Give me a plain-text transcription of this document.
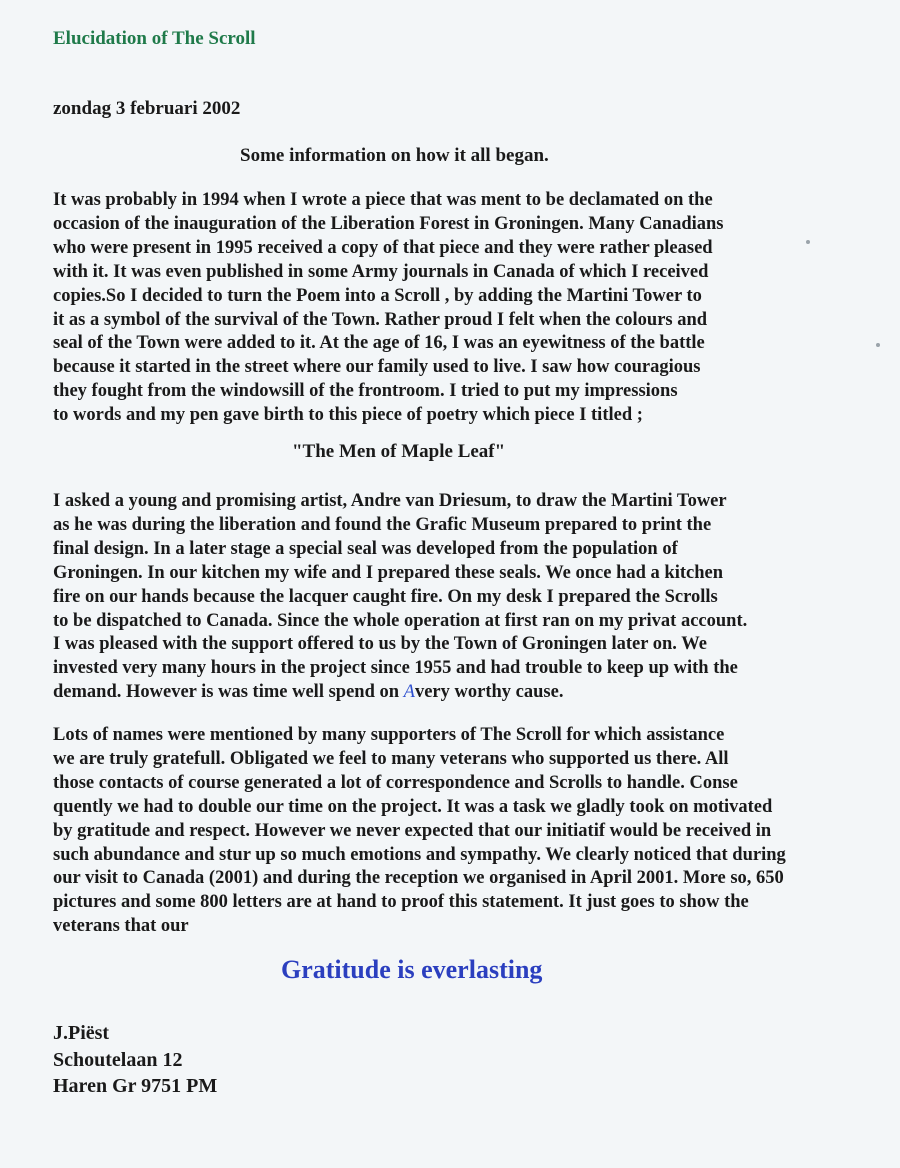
Elucidation of The Scroll
zondag 3 februari 2002
Some information on how it all began.
It was probably in 1994 when I wrote a piece that was ment to be declamated on the
occasion of the inauguration of the Liberation Forest in Groningen. Many Canadians
who were present in 1995 received a copy of that piece and they were rather pleased
with it. It was even published in some Army journals in Canada of which I received
copies.So I decided to turn the Poem into a Scroll , by adding the Martini Tower to
it as a symbol of the survival of the Town. Rather proud I felt when the colours and
seal of the Town were added to it. At the age of 16, I was an eyewitness of the battle
because it started in the street where our family used to live. I saw how couragious
they fought from the windowsill of the frontroom. I tried to put my impressions
to words and my pen gave birth to this piece of poetry which piece I titled ;
"The Men of Maple Leaf"
I asked a young and promising artist, Andre van Driesum, to draw the Martini Tower
as he was during the liberation and found the Grafic Museum prepared to print the
final design. In a later stage a special seal was developed from the population of
Groningen. In our kitchen my wife and I prepared these seals. We once had a kitchen
fire on our hands because the lacquer caught fire. On my desk I prepared the Scrolls
to be dispatched to Canada. Since the whole operation at first ran on my privat account.
I was pleased with the support offered to us by the Town of Groningen later on. We
invested very many hours in the project since 1955 and had trouble to keep up with the
demand. However is was time well spend on Avery worthy cause.
Lots of names were mentioned by many supporters of The Scroll for which assistance
we are truly gratefull. Obligated we feel to many veterans who supported us there. All
those contacts of course generated a lot of correspondence and Scrolls to handle. Conse
quently we had to double our time on the project. It was a task we gladly took on motivated
by gratitude and respect. However we never expected that our initiatif would be received in
such abundance and stur up so much emotions and sympathy. We clearly noticed that during
our visit to Canada (2001) and during the reception we organised in April 2001. More so, 650
pictures and some 800 letters are at hand to proof this statement. It just goes to show the
veterans that our
Gratitude is everlasting
J.Piëst
Schoutelaan 12
Haren Gr 9751 PM
